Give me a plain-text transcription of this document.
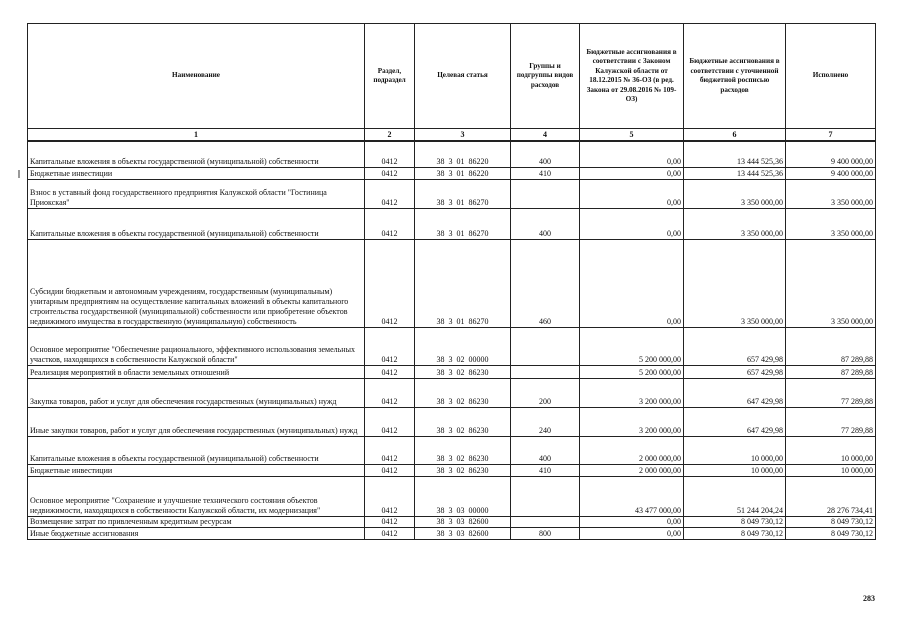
Наименование	Раздел, подраздел	Целевая статья	Группы и подгруппы видов расходов	Бюджетные ассигнования в соответствии с Законом Калужской области от 18.12.2015 № 36-ОЗ (в ред. Закона от 29.08.2016 № 109-ОЗ)	Бюджетные ассигнования в соответствии с уточненной бюджетной росписью расходов	Исполнено
1	2	3	4	5	6	7
Капитальные вложения в объекты государственной (муниципальной) собственности	0412	38  3  01  86220	400	0,00	13 444 525,36	9 400 000,00
Бюджетные инвестиции	0412	38  3  01  86220	410	0,00	13 444 525,36	9 400 000,00
Взнос в уставный фонд государственного предприятия Калужской области "Гостиница Приокская"	0412	38  3  01  86270		0,00	3 350 000,00	3 350 000,00
Капитальные вложения в объекты государственной (муниципальной) собственности	0412	38  3  01  86270	400	0,00	3 350 000,00	3 350 000,00
Субсидии бюджетным и автономным учреждениям, государственным (муниципальным) унитарным предприятиям на осуществление капитальных вложений в объекты капитального строительства государственной (муниципальной) собственности или приобретение объектов недвижимого имущества в государственную (муниципальную) собственность	0412	38  3  01  86270	460	0,00	3 350 000,00	3 350 000,00
Основное мероприятие "Обеспечение рационального, эффективного использования земельных участков, находящихся в собственности Калужской области"	0412	38  3  02  00000		5 200 000,00	657 429,98	87 289,88
Реализация мероприятий в области земельных отношений	0412	38  3  02  86230		5 200 000,00	657 429,98	87 289,88
Закупка товаров, работ и услуг для обеспечения государственных (муниципальных) нужд	0412	38  3  02  86230	200	3 200 000,00	647 429,98	77 289,88
Иные закупки товаров, работ и услуг для обеспечения государственных (муниципальных) нужд	0412	38  3  02  86230	240	3 200 000,00	647 429,98	77 289,88
Капитальные вложения в объекты государственной (муниципальной) собственности	0412	38  3  02  86230	400	2 000 000,00	10 000,00	10 000,00
Бюджетные инвестиции	0412	38  3  02  86230	410	2 000 000,00	10 000,00	10 000,00
Основное мероприятие "Сохранение и улучшение технического состояния объектов недвижимости, находящихся в собственности Калужской области, их модернизация"	0412	38  3  03  00000		43 477 000,00	51 244 204,24	28 276 734,41
Возмещение затрат по привлеченным кредитным ресурсам	0412	38  3  03  82600		0,00	8 049 730,12	8 049 730,12
Иные бюджетные ассигнования	0412	38  3  03  82600	800	0,00	8 049 730,12	8 049 730,12
283
